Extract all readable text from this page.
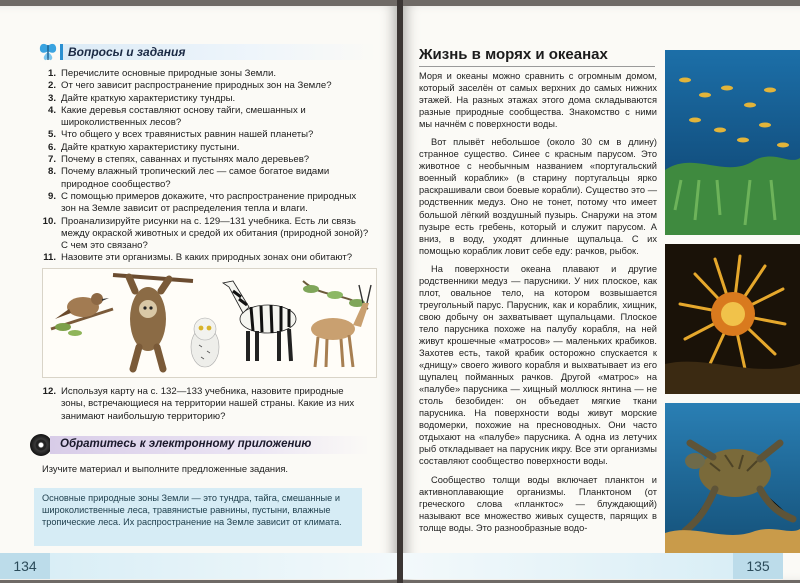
Вопросы и задания
1. Перечислите основные природные зоны Земли.
2. От чего зависит распространение природных зон на Земле?
3. Дайте краткую характеристику тундры.
4. Какие деревья составляют основу тайги, смешанных и широколиственных лесов?
5. Что общего у всех травянистых равнин нашей планеты?
6. Дайте краткую характеристику пустыни.
7. Почему в степях, саваннах и пустынях мало деревьев?
8. Почему влажный тропический лес — самое богатое видами природное сообщество?
9. С помощью примеров докажите, что распространение природных зон на Земле зависит от распределения тепла и влаги.
10. Проанализируйте рисунки на с. 129—131 учебника. Есть ли связь между окраской животных и средой их обитания (природной зоной)? С чем это связано?
11. Назовите эти организмы. В каких природных зонах они обитают?
12. Используя карту на с. 132—133 учебника, назовите природные зоны, встречающиеся на территории нашей страны. Какие из них занимают наибольшую территорию?
Обратитесь к электронному приложению
Изучите материал и выполните предложенные задания.
Основные природные зоны Земли — это тундра, тайга, смешанные и широколиственные леса, травянистые равнины, пустыни, влажные тропические леса. Их распространение на Земле зависит от климата.
134
Жизнь в морях и океанах

Моря и океаны можно сравнить с огромным домом, который заселён от самых верхних до самых нижних этажей. На разных этажах этого дома складываются разные природные сообщества. Знакомство с ними мы начнём с поверхности воды.

Вот плывёт небольшое (около 30 см в длину) странное существо. Синее с красным парусом. Это животное с необычным названием «португальский военный кораблик» (в старину португальцы ярко раскрашивали свои боевые корабли). Существо это — родственник медуз. Оно не тонет, потому что имеет большой лёгкий воздушный пузырь. Снаружи на этом пузыре есть гребень, который и служит парусом. А вниз, в воду, уходят длинные щупальца. С их помощью кораблик ловит себе еду: рачков, рыбок.

На поверхности океана плавают и другие родственники медуз — парусники. У них плоское, как плот, овальное тело, на котором возвышается треугольный парус. Парусник, как и кораблик, хищник, свою добычу он захватывает щупальцами. Плоское тело парусника похоже на палубу корабля, на ней живут крошечные «матросов» — маленьких крабиков. Захотев есть, такой крабик осторожно спускается к «днищу» своего живого корабля и выхватывает из его щупалец пойманных рачков. Другой «матрос» на «палубе» парусника — хищный моллюск янтина — не столь безобиден: он объедает мягкие ткани парусника. На поверхности воды живут морские водомерки, похожие на пресноводных. Они часто отдыхают на «палубе» парусника. А одна из летучих рыб откладывает на парусник икру. Все эти организмы составляют сообщество поверхности воды.

Сообщество толщи воды включает планктон и активноплавающие организмы. Планктоном (от греческого слова «планктос» — блуждающий) называют все множество живых существ, парящих в толще воды. Это разнообразные водо-

135
